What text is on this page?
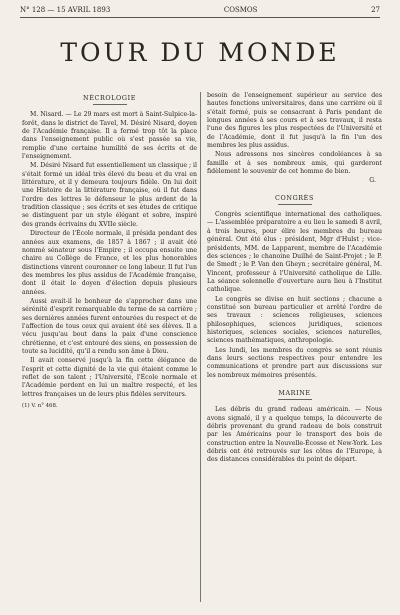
N° 128 — 15 AVRIL 1893	COSMOS	27
TOUR DU MONDE
NÉCROLOGIE

M. Nisard. — Le 29 mars est mort à Saint-Sulpice-la-forêt, dans le district de Tavel, M. Désiré Nisard, doyen de l'Académie française. Il a fermé trop tôt la place dans l'enseignement public où s'est passée sa vie, remplie d'une certaine humilité de ses écrits et de l'enseignement.

M. Désiré Nisard fut essentiellement un classique ; il s'était formé un idéal très élevé du beau et du vrai en littérature, et il y demeura toujours fidèle. On lui doit une Histoire de la littérature française, où il fut dans l'ordre des lettres le défenseur le plus ardent de la tradition classique ; ses écrits et ses études de critique se distinguent par un style élégant et sobre, inspiré des grands écrivains du XVIIe siècle.

Directeur de l'École normale, il présida pendant des années aux examens, de 1857 à 1867 ; il avait été nommé sénateur sous l'Empire ; il occupa ensuite une chaire au Collège de France, et les plus honorables distinctions vinrent couronner ce long labeur. Il fut l'un des membres les plus assidus de l'Académie française, dont il était le doyen d'élection depuis plusieurs années.

Aussi avait-il le bonheur de s'approcher dans une sérénité d'esprit remarquable du terme de sa carrière ; ses dernières années furent entourées du respect et de l'affection de tous ceux qui avaient été ses élèves. Il a vécu jusqu'au bout dans la paix d'une conscience chrétienne, et c'est entouré des siens, en possession de toute sa lucidité, qu'il a rendu son âme à Dieu.

Il avait conservé jusqu'à la fin cette élégance de l'esprit et cette dignité de la vie qui étaient comme le reflet de son talent ; l'Université, l'École normale et l'Académie perdent en lui un maître respecté, et les lettres françaises un de leurs plus fidèles serviteurs.

(1) V. n° 468.

besoin de l'enseignement supérieur au service des hautes fonctions universitaires, dans une carrière où il s'était formé, puis se consacrant à Paris pendant de longues années à ses cours et à ses travaux, il resta l'une des figures les plus respectées de l'Université et de l'Académie, dont il fut jusqu'à la fin l'un des membres les plus assidus.

Nous adressons nos sincères condoléances à sa famille et à ses nombreux amis, qui garderont fidèlement le souvenir de cet homme de bien.

G.
CONGRÈS

Congrès scientifique international des catholiques. — L'assemblée préparatoire a eu lieu le samedi 8 avril, à trois heures, pour élire les membres du bureau général. Ont été élus : président, Mgr d'Hulst ; vice-présidents, MM. de Lapparent, membre de l'Académie des sciences ; le chanoine Duilhé de Saint-Projet ; le P. de Smedt ; le P. Van den Gheyn ; secrétaire général, M. Vincent, professeur à l'Université catholique de Lille. La séance solennelle d'ouverture aura lieu à l'Institut catholique.

Le congrès se divise en huit sections ; chacune a constitué son bureau particulier et arrêté l'ordre de ses travaux : sciences religieuses, sciences philosophiques, sciences juridiques, sciences historiques, sciences sociales, sciences naturelles, sciences mathématiques, anthropologie.

Les lundi, les membres du congrès se sont réunis dans leurs sections respectives pour entendre les communications et prendre part aux discussions sur les nombreux mémoires présentés.

MARINE

Les débris du grand radeau américain. — Nous avons signalé, il y a quelque temps, la découverte de débris provenant du grand radeau de bois construit par les Américains pour le transport des bois de construction entre la Nouvelle-Écosse et New-York. Les débris ont été retrouvés sur les côtes de l'Europe, à des distances considérables du point de départ.
